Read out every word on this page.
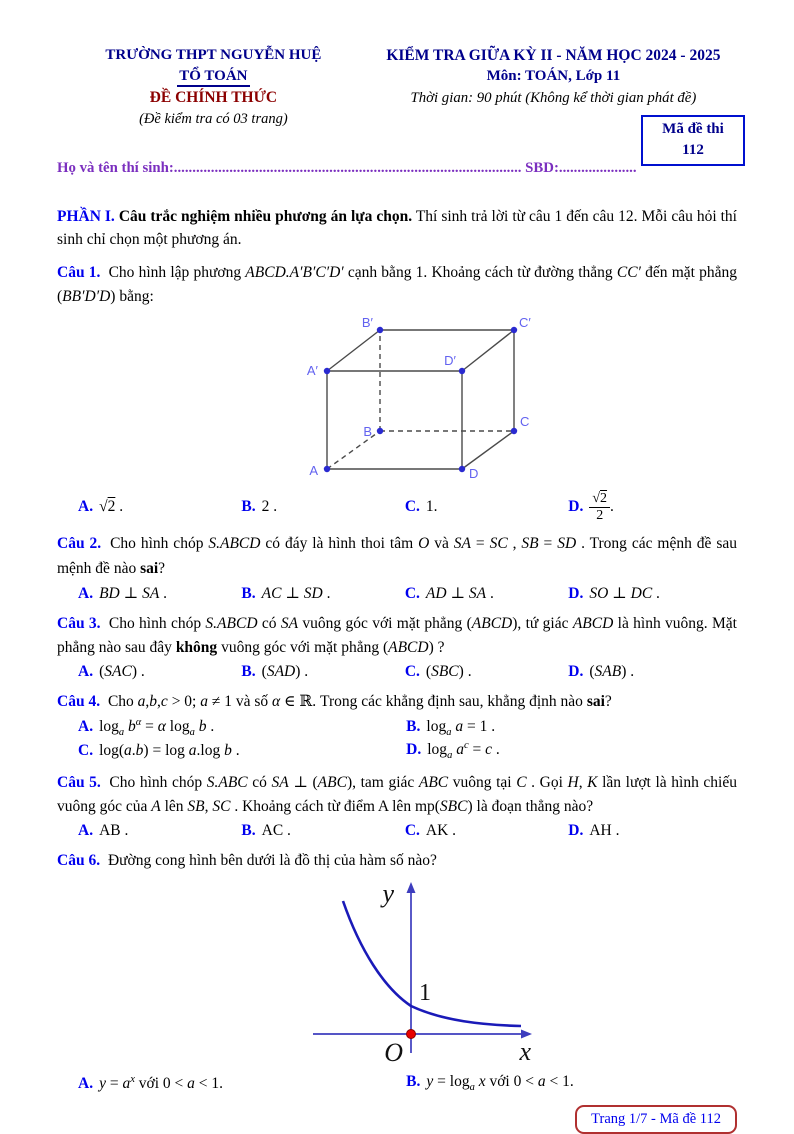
TRƯỜNG THPT NGUYỄN HUỆ
TỔ TOÁN
ĐỀ CHÍNH THỨC
(Đề kiểm tra có 03 trang)
KIỂM TRA GIỮA KỲ II - NĂM HỌC 2024 - 2025
Môn: TOÁN, Lớp 11
Thời gian: 90 phút (Không kể thời gian phát đề)
Họ và tên thí sinh:.............................................................................................. SBD:.....................
Mã đề thi
112
PHẦN I. Câu trắc nghiệm nhiều phương án lựa chọn. Thí sinh trả lời từ câu 1 đến câu 12. Mỗi câu hỏi thí sinh chỉ chọn một phương án.
Câu 1. Cho hình lập phương ABCD.A′B′C′D′ cạnh bằng 1. Khoảng cách từ đường thẳng CC′ đến mặt phẳng (BB′D′D) bằng:
A
B
C
D
A′
B′	C′
D′
A. √2 .	B. 2 .	C. 1.	D. $\frac{√2}{2}$ .
Câu 2. Cho hình chóp S.ABCD có đáy là hình thoi tâm O và SA = SC , SB = SD . Trong các mệnh đề sau mệnh đề nào sai?
A. BD ⊥ SA .	B. AC ⊥ SD .	C. AD ⊥ SA .	D. SO ⊥ DC .
Câu 3. Cho hình chóp S.ABCD có SA vuông góc với mặt phẳng (ABCD), tứ giác ABCD là hình vuông. Mặt phẳng nào sau đây không vuông góc với mặt phẳng (ABCD) ?
A. (SAC) .	B. (SAD) .	C. (SBC) .	D. (SAB) .
Câu 4. Cho a,b,c > 0; a ≠ 1 và số α ∈ ℝ. Trong các khẳng định sau, khẳng định nào sai?
A. $\log_a b^\alpha = \alpha$ $\log_a b$ .	B. $\log_a a = 1$ .
C. log(a.b) = log a.log b .	D. $\log_a a^c = c$ .
Câu 5. Cho hình chóp S.ABC có SA ⊥ (ABC), tam giác ABC vuông tại C . Gọi H, K lần lượt là hình chiếu vuông góc của A lên SB, SC . Khoảng cách từ điểm A lên mp(SBC) là đoạn thẳng nào?
A. AB .	B. AC .	C. AK .	D. AH .
Câu 6. Đường cong hình bên dưới là đồ thị của hàm số nào?
y
x
O
1
A. $y = a^x$ với 0 < a < 1.	B. $y = \log_a x$ với 0 < a < 1.
Trang 1/7 - Mã đề 112
